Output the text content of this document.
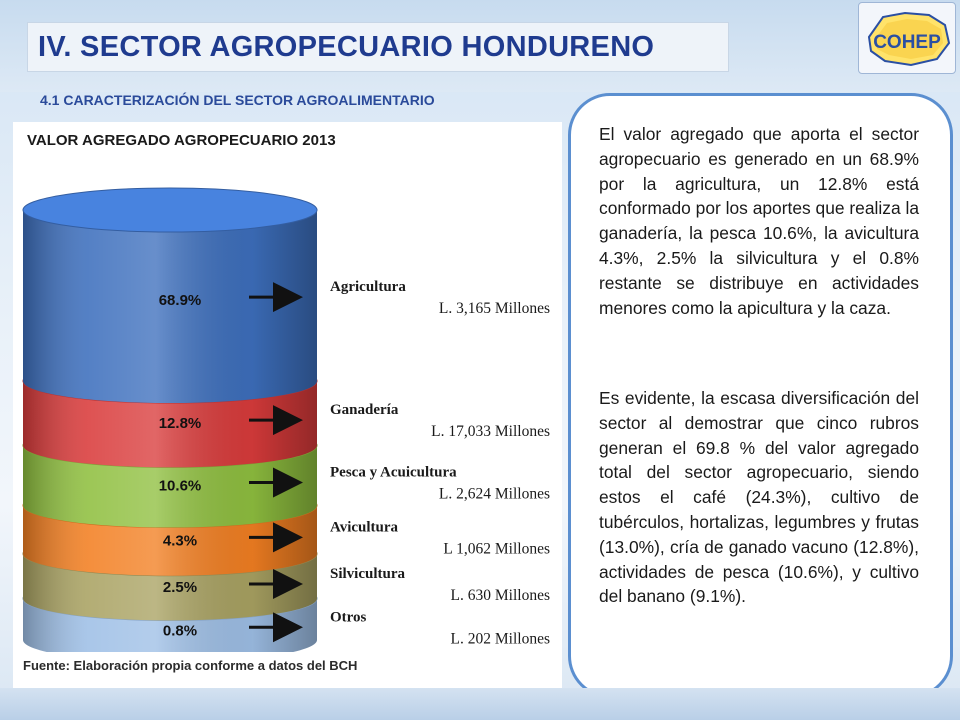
IV. SECTOR AGROPECUARIO HONDURENO	COHEP
4.1 CARACTERIZACIÓN DEL SECTOR AGROALIMENTARIO
VALOR AGREGADO AGROPECUARIO 2013
68.9%
Agricultura
L. 3,165 Millones
12.8%
Ganadería
L. 17,033 Millones
10.6%
Pesca y Acuicultura
L. 2,624 Millones
4.3%
Avicultura
L 1,062 Millones
2.5%
Silvicultura
L. 630 Millones
0.8%
Otros
L. 202 Millones
Fuente: Elaboración propia conforme a datos del BCH

El valor agregado que aporta el sector agropecuario es generado en un 68.9% por la agricultura, un 12.8% está conformado por los aportes que realiza la ganadería, la pesca 10.6%, la avicultura 4.3%, 2.5% la silvicultura y el 0.8% restante se distribuye en actividades menores como la apicultura y la caza.

Es evidente, la escasa diversificación del sector al demostrar que cinco rubros generan el 69.8 % del valor agregado total del sector agropecuario, siendo estos el café (24.3%), cultivo de tubérculos, hortalizas, legumbres y frutas (13.0%), cría de ganado vacuno (12.8%), actividades de pesca (10.6%), y cultivo del banano (9.1%).
